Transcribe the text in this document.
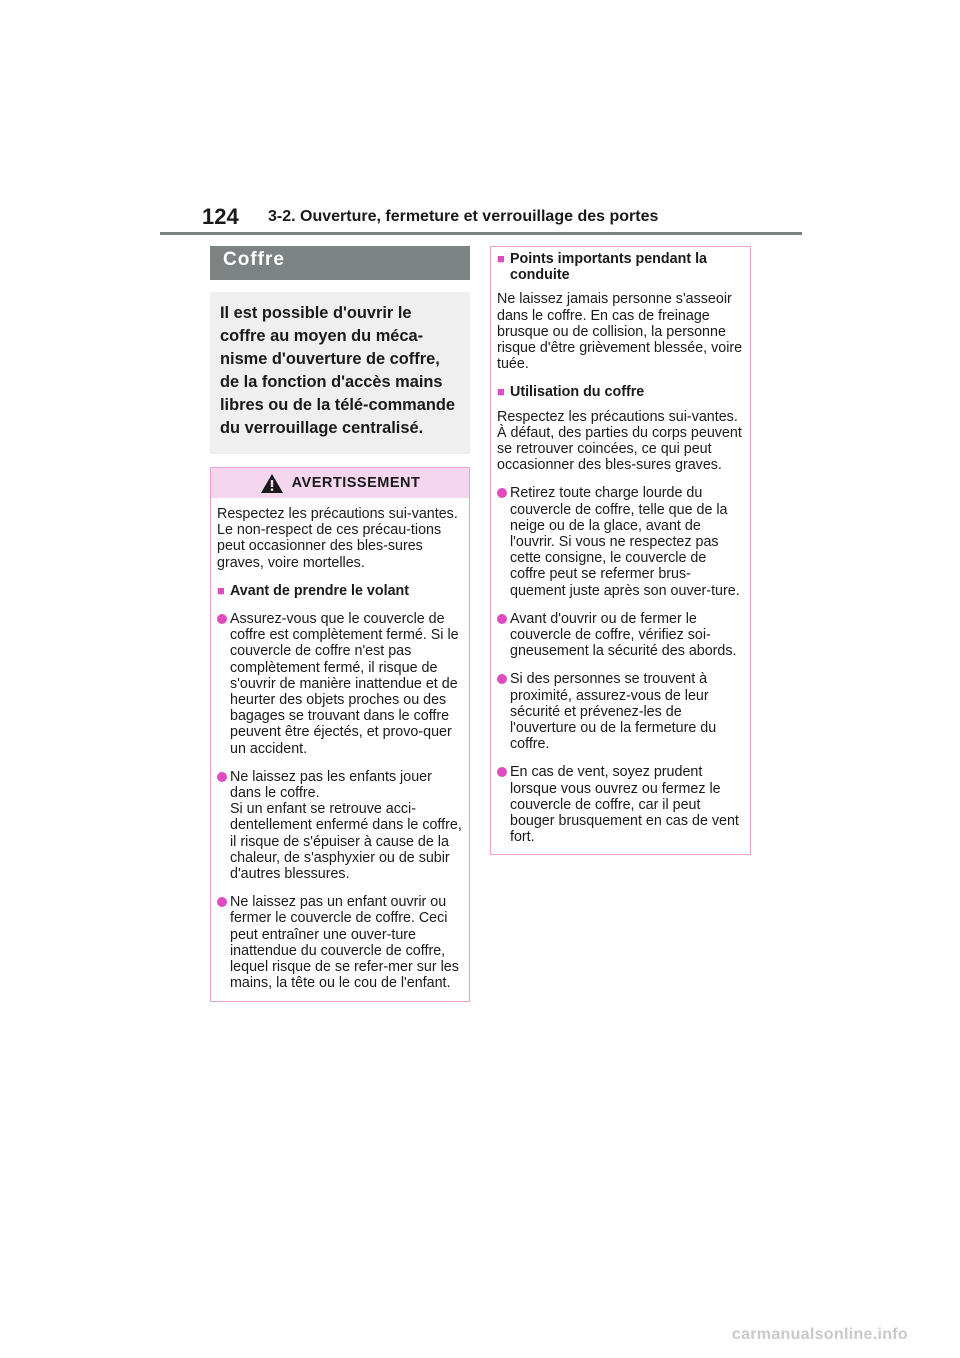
124 3-2. Ouverture, fermeture et verrouillage des portes
Coffre

Il est possible d'ouvrir le coffre au moyen du méca-nisme d'ouverture de coffre, de la fonction d'accès mains libres ou de la télé-commande du verrouillage centralisé.

AVERTISSEMENT

Respectez les précautions sui-vantes.
Le non-respect de ces précau-tions peut occasionner des bles-sures graves, voire mortelles.

■ Avant de prendre le volant
Assurez-vous que le couvercle de coffre est complètement fermé. Si le couvercle de coffre n'est pas complètement fermé, il risque de s'ouvrir de manière inattendue et de heurter des objets proches ou des bagages se trouvant dans le coffre peuvent être éjectés, et provo-quer un accident.
Ne laissez pas les enfants jouer dans le coffre.
Si un enfant se retrouve acci-dentellement enfermé dans le coffre, il risque de s'épuiser à cause de la chaleur, de s'asphyxier ou de subir d'autres blessures.
Ne laissez pas un enfant ouvrir ou fermer le couvercle de coffre. Ceci peut entraîner une ouver-ture inattendue du couvercle de coffre, lequel risque de se refer-mer sur les mains, la tête ou le cou de l'enfant.
■ Points importants pendant la conduite

Ne laissez jamais personne s'asseoir dans le coffre. En cas de freinage brusque ou de collision, la personne risque d'être grièvement blessée, voire tuée.

■ Utilisation du coffre

Respectez les précautions sui-vantes.
À défaut, des parties du corps peuvent se retrouver coincées, ce qui peut occasionner des bles-sures graves.

Retirez toute charge lourde du couvercle de coffre, telle que de la neige ou de la glace, avant de l'ouvrir. Si vous ne respectez pas cette consigne, le couvercle de coffre peut se refermer brus-quement juste après son ouver-ture.
Avant d'ouvrir ou de fermer le couvercle de coffre, vérifiez soi-gneusement la sécurité des abords.
Si des personnes se trouvent à proximité, assurez-vous de leur sécurité et prévenez-les de l'ouverture ou de la fermeture du coffre.
En cas de vent, soyez prudent lorsque vous ouvrez ou fermez le couvercle de coffre, car il peut bouger brusquement en cas de vent fort.
carmanualsonline.info
